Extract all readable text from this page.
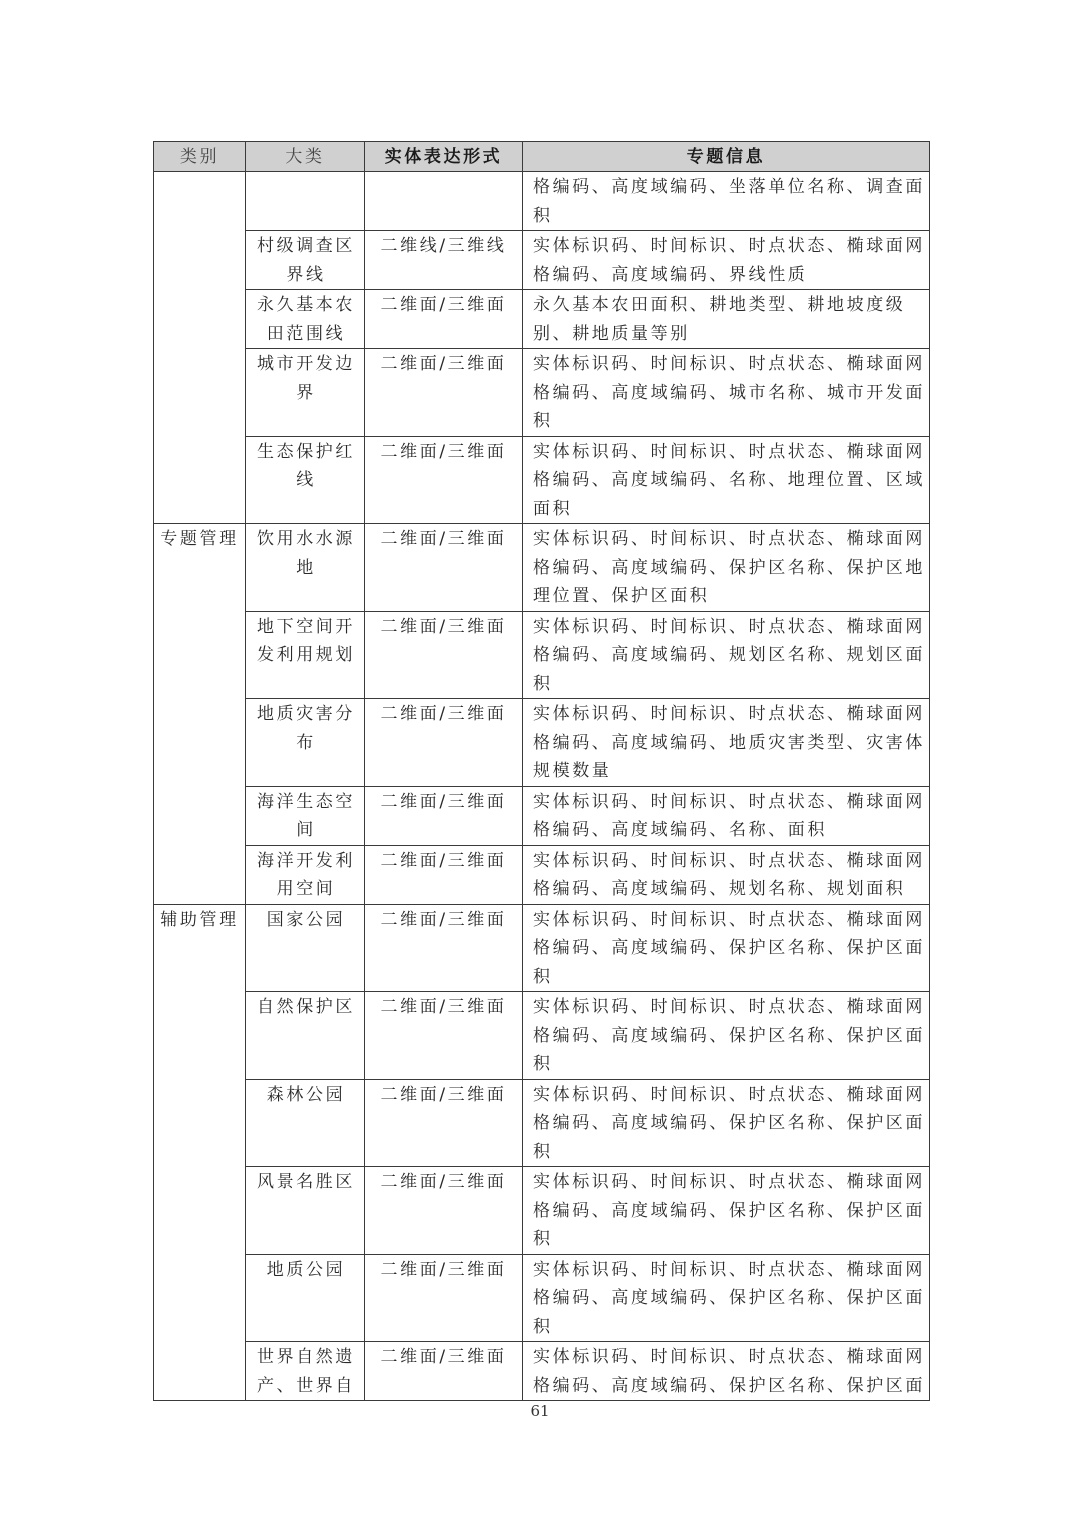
类别	大类	实体表达形式	专题信息
			格编码、高度域编码、坐落单位名称、调查面积
	村级调查区界线	二维线/三维线	实体标识码、时间标识、时点状态、椭球面网格编码、高度域编码、界线性质
	永久基本农田范围线	二维面/三维面	永久基本农田面积、耕地类型、耕地坡度级别、耕地质量等别
	城市开发边界	二维面/三维面	实体标识码、时间标识、时点状态、椭球面网格编码、高度域编码、城市名称、城市开发面积
	生态保护红线	二维面/三维面	实体标识码、时间标识、时点状态、椭球面网格编码、高度域编码、名称、地理位置、区域面积
专题管理	饮用水水源地	二维面/三维面	实体标识码、时间标识、时点状态、椭球面网格编码、高度域编码、保护区名称、保护区地理位置、保护区面积
	地下空间开发利用规划	二维面/三维面	实体标识码、时间标识、时点状态、椭球面网格编码、高度域编码、规划区名称、规划区面积
	地质灾害分布	二维面/三维面	实体标识码、时间标识、时点状态、椭球面网格编码、高度域编码、地质灾害类型、灾害体规模数量
	海洋生态空间	二维面/三维面	实体标识码、时间标识、时点状态、椭球面网格编码、高度域编码、名称、面积
	海洋开发利用空间	二维面/三维面	实体标识码、时间标识、时点状态、椭球面网格编码、高度域编码、规划名称、规划面积
辅助管理	国家公园	二维面/三维面	实体标识码、时间标识、时点状态、椭球面网格编码、高度域编码、保护区名称、保护区面积
	自然保护区	二维面/三维面	实体标识码、时间标识、时点状态、椭球面网格编码、高度域编码、保护区名称、保护区面积
	森林公园	二维面/三维面	实体标识码、时间标识、时点状态、椭球面网格编码、高度域编码、保护区名称、保护区面积
	风景名胜区	二维面/三维面	实体标识码、时间标识、时点状态、椭球面网格编码、高度域编码、保护区名称、保护区面积
	地质公园	二维面/三维面	实体标识码、时间标识、时点状态、椭球面网格编码、高度域编码、保护区名称、保护区面积
	世界自然遗产、世界自	二维面/三维面	实体标识码、时间标识、时点状态、椭球面网格编码、高度域编码、保护区名称、保护区面
61
